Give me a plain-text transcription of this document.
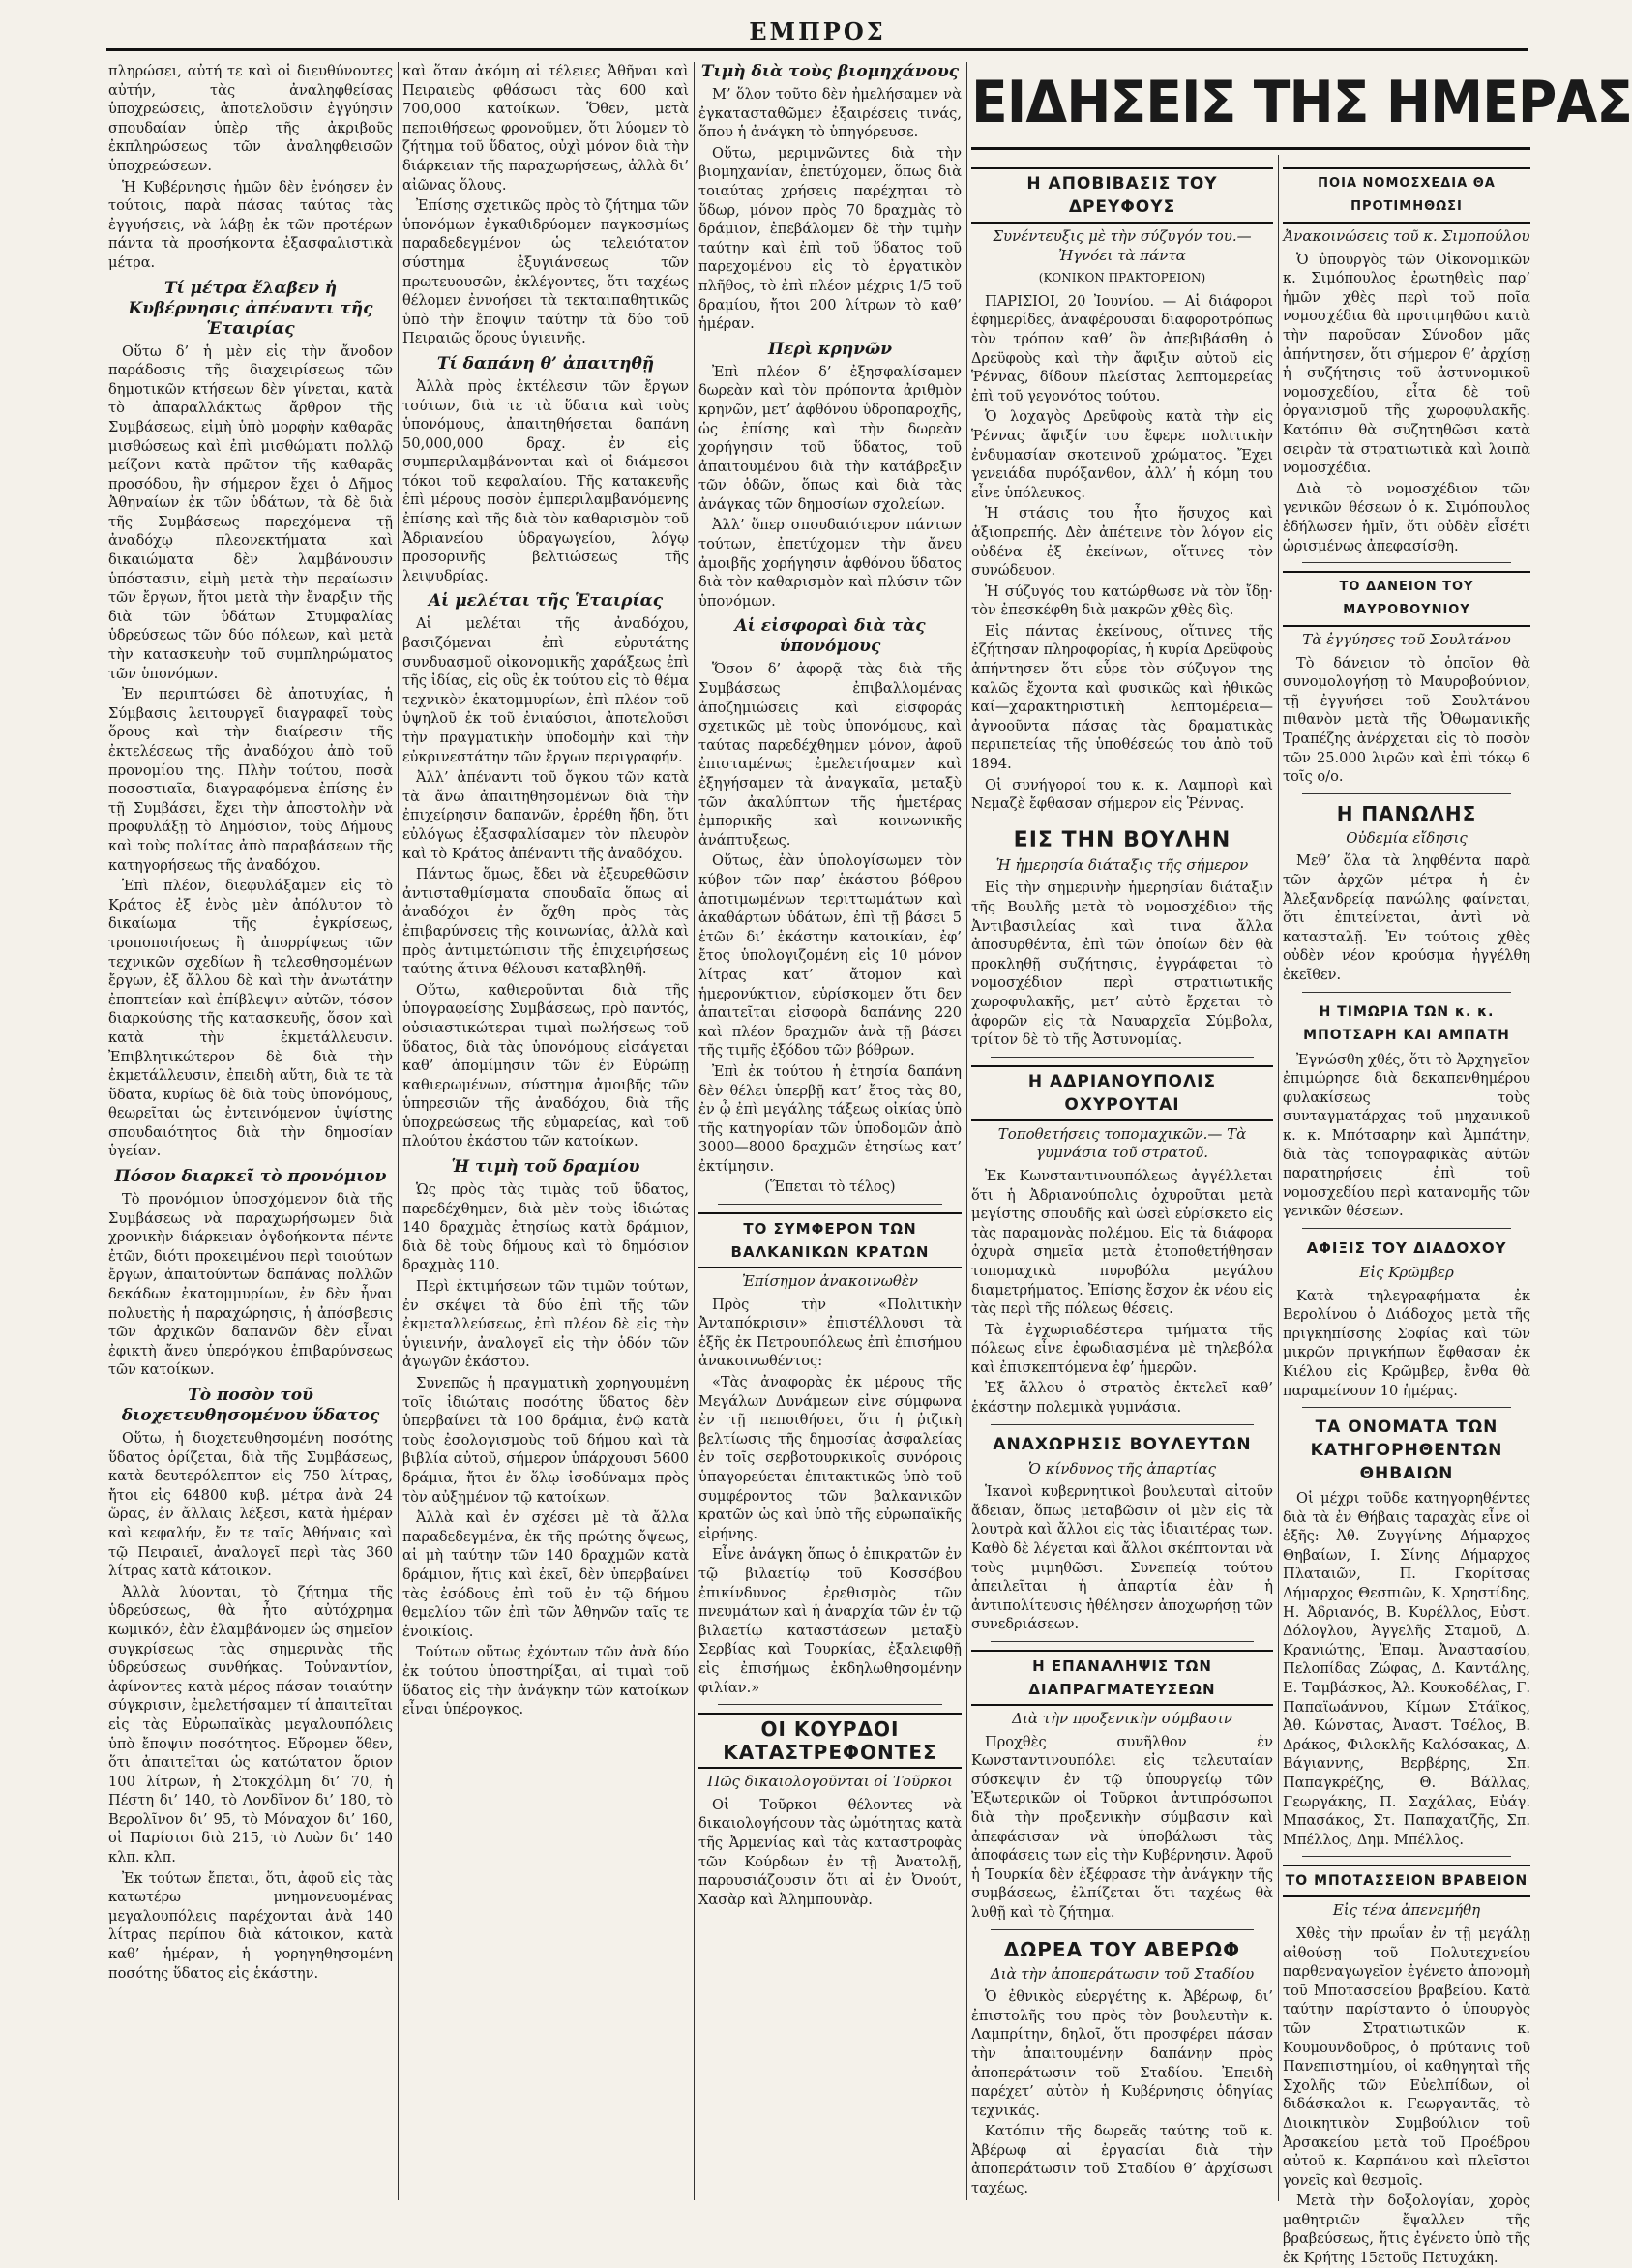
ΕΜΠΡΟΣ

πληρώσει, αὐτή τε καὶ οἱ διευθύνοντες αὐτήν, τὰς ἀναληφθείσας ὑποχρεώσεις, ἀποτελοῦσιν ἐγγύησιν σπουδαίαν ὑπὲρ τῆς ἀκριβοῦς ἐκπληρώσεως τῶν ἀναληφθεισῶν ὑποχρεώσεων.

Ἡ Κυβέρνησις ἡμῶν δὲν ἐνόησεν ἐν τούτοις, παρὰ πάσας ταύτας τὰς ἐγγυήσεις, νὰ λάβῃ ἐκ τῶν προτέρων πάντα τὰ προσήκοντα ἐξασφαλιστικὰ μέτρα.

Τί μέτρα ἔλαβεν ἡ Κυβέρνησις ἀπέναντι τῆς Ἑταιρίας

Οὕτω δ’ ἡ μὲν εἰς τὴν ἄνοδον παράδοσις τῆς διαχειρίσεως τῶν δημοτικῶν κτήσεων δὲν γίνεται, κατὰ τὸ ἀπαραλλάκτως ἄρθρον τῆς Συμβάσεως, εἰμὴ ὑπὸ μορφὴν καθαρᾶς μισθώσεως καὶ ἐπὶ μισθώματι πολλῷ μείζονι κατὰ πρῶτον τῆς καθαρᾶς προσόδου, ἣν σήμερον ἔχει ὁ Δῆμος Ἀθηναίων ἐκ τῶν ὑδάτων, τὰ δὲ διὰ τῆς Συμβάσεως παρεχόμενα τῇ ἀναδόχῳ πλεονεκτήματα καὶ δικαιώματα δὲν λαμβάνουσιν ὑπόστασιν, εἰμὴ μετὰ τὴν περαίωσιν τῶν ἔργων, ἥτοι μετὰ τὴν ἔναρξιν τῆς διὰ τῶν ὑδάτων Στυμφαλίας ὑδρεύσεως τῶν δύο πόλεων, καὶ μετὰ τὴν κατασκευὴν τοῦ συμπληρώματος τῶν ὑπονόμων.

Ἐν περιπτώσει δὲ ἀποτυχίας, ἡ Σύμβασις λειτουργεῖ διαγραφεῖ τοὺς ὅρους καὶ τὴν διαίρεσιν τῆς ἐκτελέσεως τῆς ἀναδόχου ἀπὸ τοῦ προνομίου της. Πλὴν τούτου, ποσὰ ποσοστιαῖα, διαγραφόμενα ἐπίσης ἐν τῇ Συμβάσει, ἔχει τὴν ἀποστολὴν νὰ προφυλάξῃ τὸ Δημόσιον, τοὺς Δήμους καὶ τοὺς πολίτας ἀπὸ παραβάσεων τῆς κατηγορήσεως τῆς ἀναδόχου.

Ἐπὶ πλέον, διεφυλάξαμεν εἰς τὸ Κράτος ἐξ ἑνὸς μὲν ἀπόλυτον τὸ δικαίωμα τῆς ἐγκρίσεως, τροποποιήσεως ἢ ἀπορρίψεως τῶν τεχνικῶν σχεδίων ἢ τελεσθησομένων ἔργων, ἐξ ἄλλου δὲ καὶ τὴν ἀνωτάτην ἐποπτείαν καὶ ἐπίβλεψιν αὐτῶν, τόσον διαρκούσης τῆς κατασκευῆς, ὅσον καὶ κατὰ τὴν ἐκμετάλλευσιν. Ἐπιβλητικώτερον δὲ διὰ τὴν ἐκμετάλλευσιν, ἐπειδὴ αὕτη, διὰ τε τὰ ὕδατα, κυρίως δὲ διὰ τοὺς ὑπονόμους, θεωρεῖται ὡς ἐντεινόμενον ὑψίστης σπουδαιότητος διὰ τὴν δημοσίαν ὑγείαν.

Πόσον διαρκεῖ τὸ προνόμιον

Τὸ προνόμιον ὑποσχόμενον διὰ τῆς Συμβάσεως νὰ παραχωρήσωμεν διὰ χρονικὴν διάρκειαν ὀγδοήκοντα πέντε ἐτῶν, διότι προκειμένου περὶ τοιούτων ἔργων, ἀπαιτούντων δαπάνας πολλῶν δεκάδων ἐκατομμυρίων, ἐν δὲν ἦναι πολυετὴς ἡ παραχώρησις, ἡ ἀπόσβεσις τῶν ἀρχικῶν δαπανῶν δὲν εἶναι ἐφικτὴ ἄνευ ὑπερόγκου ἐπιβαρύνσεως τῶν κατοίκων.

Τὸ ποσὸν τοῦ διοχετευθησομένου ὕδατος

Οὕτω, ἡ διοχετευθησομένη ποσότης ὕδατος ὁρίζεται, διὰ τῆς Συμβάσεως, κατὰ δευτερόλεπτον εἰς 750 λίτρας, ἤτοι εἰς 64800 κυβ. μέτρα ἀνὰ 24 ὥρας, ἐν ἄλλαις λέξεσι, κατὰ ἡμέραν καὶ κεφαλήν, ἔν τε ταῖς Ἀθήναις καὶ τῷ Πειραιεῖ, ἀναλογεῖ περὶ τὰς 360 λίτρας κατὰ κάτοικον.

Ἀλλὰ λύονται, τὸ ζήτημα τῆς ὑδρεύσεως, θὰ ἦτο αὐτόχρημα κωμικόν, ἐὰν ἐλαμβάνομεν ὡς σημεῖον συγκρίσεως τὰς σημερινὰς τῆς ὑδρεύσεως συνθήκας. Τοὐναντίον, ἀφίνοντες κατὰ μέρος πάσαν τοιαύτην σύγκρισιν, ἐμελετήσαμεν τί ἀπαιτεῖται εἰς τὰς Εὐρωπαϊκὰς μεγαλουπόλεις ὑπὸ ἔποψιν ποσότητος. Εὕρομεν ὅθεν, ὅτι ἀπαιτεῖται ὡς κατώτατον ὅριον 100 λίτρων, ἡ Στοκχόλμη δι’ 70, ἡ Πέστη δι’ 140, τὸ Λονδῖνον δι’ 180, τὸ Βερολῖνον δι’ 95, τὸ Μόναχον δι’ 160, οἱ Παρίσιοι διὰ 215, τὸ Λυὼν δι’ 140 κλπ. κλπ.

Ἐκ τούτων ἔπεται, ὅτι, ἀφοῦ εἰς τὰς κατωτέρω μνημονευομένας μεγαλουπόλεις παρέχονται ἀνὰ 140 λίτρας περίπου διὰ κάτοικον, κατὰ καθ’ ἡμέραν, ἡ γορηγηθησομένη ποσότης ὕδατος εἰς ἑκάστην.

καὶ ὅταν ἀκόμη αἱ τέλειες Ἀθῆναι καὶ Πειραιεὺς φθάσωσι τὰς 600 καὶ 700,000 κατοίκων. Ὅθεν, μετὰ πεποιθήσεως φρονοῦμεν, ὅτι λύομεν τὸ ζήτημα τοῦ ὕδατος, οὐχὶ μόνον διὰ τὴν διάρκειαν τῆς παραχωρήσεως, ἀλλὰ δι’ αἰῶνας ὅλους.

Ἐπίσης σχετικῶς πρὸς τὸ ζήτημα τῶν ὑπονόμων ἐγκαθιδρύομεν παγκοσμίως παραδεδεγμένον ὡς τελειότατον σύστημα ἐξυγιάνσεως τῶν πρωτευουσῶν, ἐκλέγοντες, ὅτι ταχέως θέλομεν ἐννοήσει τὰ τεκταιπαθητικῶς ὑπὸ τὴν ἔποψιν ταύτην τὰ δύο τοῦ Πειραιῶς ὅρους ὑγιεινῆς.

Τί δαπάνη θ’ ἀπαιτηθῇ

Ἀλλὰ πρὸς ἐκτέλεσιν τῶν ἔργων τούτων, διὰ τε τὰ ὕδατα καὶ τοὺς ὑπονόμους, ἀπαιτηθήσεται δαπάνη 50,000,000 δραχ. ἐν εἰς συμπεριλαμβάνονται καὶ οἱ διάμεσοι τόκοι τοῦ κεφαλαίου. Τῆς κατακευῆς ἐπὶ μέρους ποσὸν ἐμπεριλαμβανόμενης ἐπίσης καὶ τῆς διὰ τὸν καθαρισμὸν τοῦ Ἀδριανείου ὑδραγωγείου, λόγῳ προσορινῆς βελτιώσεως τῆς λειψυδρίας.

Αἱ μελέται τῆς Ἑταιρίας

Αἱ μελέται τῆς ἀναδόχου, βασιζόμεναι ἐπὶ εὐρυτάτης συνδυασμοῦ οἰκονομικῆς χαράξεως ἐπὶ τῆς ἰδίας, εἰς οὓς ἐκ τούτου εἰς τὸ θέμα τεχνικὸν ἑκατομμυρίων, ἐπὶ πλέον τοῦ ὑψηλοῦ ἐκ τοῦ ἐνιαύσιοι, ἀποτελοῦσι τὴν πραγματικὴν ὑποδομὴν καὶ τὴν εὐκρινεστάτην τῶν ἔργων περιγραφήν.

Ἀλλ’ ἀπέναντι τοῦ ὄγκου τῶν κατὰ τὰ ἄνω ἀπαιτηθησομένων διὰ τὴν ἐπιχείρησιν δαπανῶν, ἐρρέθη ἤδη, ὅτι εὐλόγως ἐξασφαλίσαμεν τὸν πλευρὸν καὶ τὸ Κράτος ἀπέναντι τῆς ἀναδόχου.

Πάντως ὅμως, ἔδει νὰ ἐξευρεθῶσιν ἀντισταθμίσματα σπουδαῖα ὅπως αἱ ἀναδόχοι ἐν ὄχθη πρὸς τὰς ἐπιβαρύνσεις τῆς κοινωνίας, ἀλλὰ καὶ πρὸς ἀντιμετώπισιν τῆς ἐπιχειρήσεως ταύτης ἅτινα θέλουσι καταβληθῆ.

Οὕτω, καθιεροῦνται διὰ τῆς ὑπογραφείσης Συμβάσεως, πρὸ παντός, οὐσιαστικώτεραι τιμαὶ πωλήσεως τοῦ ὕδατος, διὰ τὰς ὑπονόμους εἰσάγεται καθ’ ἀπομίμησιν τῶν ἐν Εὐρώπῃ καθιερωμένων, σύστημα ἀμοιβῆς τῶν ὑπηρεσιῶν τῆς ἀναδόχου, διὰ τῆς ὑποχρεώσεως τῆς εὐμαρείας, καὶ τοῦ πλούτου ἐκάστου τῶν κατοίκων.

Ἡ τιμὴ τοῦ δραμίου

Ὡς πρὸς τὰς τιμὰς τοῦ ὕδατος, παρεδέχθημεν, διὰ μὲν τοὺς ἰδιώτας 140 δραχμὰς ἐτησίως κατὰ δράμιον, διὰ δὲ τοὺς δήμους καὶ τὸ δημόσιον δραχμὰς 110.

Περὶ ἐκτιμήσεων τῶν τιμῶν τούτων, ἐν σκέψει τὰ δύο ἐπὶ τῆς τῶν ἐκμεταλλεύσεως, ἐπὶ πλέον δὲ εἰς τὴν ὑγιεινήν, ἀναλογεῖ εἰς τὴν ὁδόν τῶν ἀγωγῶν ἐκάστου.

Συνεπῶς ἡ πραγματικὴ χορηγουμένη τοῖς ἰδιώταις ποσότης ὕδατος δὲν ὑπερβαίνει τὰ 100 δράμια, ἐνῷ κατὰ τοὺς ἐσολογισμοὺς τοῦ δήμου καὶ τὰ βιβλία αὐτοῦ, σήμερον ὑπάρχουσι 5600 δράμια, ἤτοι ἐν ὅλῳ ἰσοδύναμα πρὸς τὸν αὐξημένον τῷ κατοίκων.

Ἀλλὰ καὶ ἐν σχέσει μὲ τὰ ἄλλα παραδεδεγμένα, ἐκ τῆς πρώτης ὄψεως, αἱ μὴ ταύτην τῶν 140 δραχμῶν κατὰ δράμιον, ἥτις καὶ ἐκεῖ, δὲν ὑπερβαίνει τὰς ἐσόδους ἐπὶ τοῦ ἐν τῷ δήμου θεμελίου τῶν ἐπὶ τῶν Ἀθηνῶν ταῖς τε ἐνοικίοις.

Τούτων οὕτως ἐχόντων τῶν ἀνὰ δύο ἐκ τούτου ὑποστηρίξαι, αἱ τιμαὶ τοῦ ὕδατος εἰς τὴν ἀνάγκην τῶν κατοίκων εἶναι ὑπέρογκος.

Τιμὴ διὰ τοὺς βιομηχάνους

Μ’ ὅλον τοῦτο δὲν ἠμελήσαμεν νὰ ἐγκατασταθῶμεν ἐξαιρέσεις τινάς, ὅπου ἡ ἀνάγκη τὸ ὑπηγόρευσε.

Οὕτω, μεριμνῶντες διὰ τὴν βιομηχανίαν, ἐπετύχομεν, ὅπως διὰ τοιαύτας χρήσεις παρέχηται τὸ ὕδωρ, μόνον πρὸς 70 δραχμὰς τὸ δράμιον, ἐπεβάλομεν δὲ τὴν τιμὴν ταύτην καὶ ἐπὶ τοῦ ὕδατος τοῦ παρεχομένου εἰς τὸ ἐργατικὸν πλῆθος, τὸ ἐπὶ πλέον μέχρις 1/5 τοῦ δραμίου, ἤτοι 200 λίτρων τὸ καθ’ ἡμέραν.

Περὶ κρηνῶν

Ἐπὶ πλέον δ’ ἐξησφαλίσαμεν δωρεὰν καὶ τὸν πρόποντα ἀριθμὸν κρηνῶν, μετ’ ἀφθόνου ὑδροπαροχῆς, ὡς ἐπίσης καὶ τὴν δωρεὰν χορήγησιν τοῦ ὕδατος, τοῦ ἀπαιτουμένου διὰ τὴν κατάβρεξιν τῶν ὁδῶν, ὅπως καὶ διὰ τὰς ἀνάγκας τῶν δημοσίων σχολείων.

Ἀλλ’ ὅπερ σπουδαιότερον πάντων τούτων, ἐπετύχομεν τὴν ἄνευ ἀμοιβῆς χορήγησιν ἀφθόνου ὕδατος διὰ τὸν καθαρισμὸν καὶ πλύσιν τῶν ὑπονόμων.

Αἱ εἰσφοραὶ διὰ τὰς ὑπονόμους

Ὅσον δ’ ἀφορᾷ τὰς διὰ τῆς Συμβάσεως ἐπιβαλλομένας ἀποζημιώσεις καὶ εἰσφοράς σχετικῶς μὲ τοὺς ὑπονόμους, καὶ ταύτας παρεδέχθημεν μόνον, ἀφοῦ ἐπισταμένως ἐμελετήσαμεν καὶ ἐξηγήσαμεν τὰ ἀναγκαῖα, μεταξὺ τῶν ἀκαλύπτων τῆς ἡμετέρας ἐμπορικῆς καὶ κοινωνικῆς ἀνάπτυξεως.

Οὕτως, ἐὰν ὑπολογίσωμεν τὸν κύβον τῶν παρ’ ἑκάστου βόθρου ἀποτιμωμένων τεριττωμάτων καὶ ἀκαθάρτων ὑδάτων, ἐπὶ τῇ βάσει 5 ἑτῶν δι’ ἑκάστην κατοικίαν, ἐφ’ ἔτος ὑπολογιζομένη εἰς 10 μόνον λίτρας κατ’ ἄτομον καὶ ἡμερονύκτιον, εὑρίσκομεν ὅτι δεν ἀπαιτεῖται εἰσφορὰ δαπάνης 220 καὶ πλέον δραχμῶν ἀνὰ τῇ βάσει τῆς τιμῆς ἐξόδου τῶν βόθρων.

Ἐπὶ ἐκ τούτου ἡ ἐτησία δαπάνη δὲν θέλει ὑπερβῇ κατ’ ἔτος τὰς 80, ἐν ᾧ ἐπὶ μεγάλης τάξεως οἰκίας ὑπὸ τῆς κατηγορίαν τῶν ὑποδομῶν ἀπὸ 3000—8000 δραχμῶν ἐτησίως κατ’ ἐκτίμησιν.

(Ἕπεται τὸ τέλος)

ΤΟ ΣΥΜΦΕΡΟΝ ΤΩΝ ΒΑΛΚΑΝΙΚΩΝ ΚΡΑΤΩΝ
Ἐπίσημον ἀνακοινωθὲν

Πρὸς τὴν «Πολιτικὴν Ἀνταπόκρισιν» ἐπιστέλλουσι τὰ ἑξῆς ἐκ Πετρουπόλεως ἐπὶ ἐπισήμου ἀνακοινωθέντος:

«Τὰς ἀναφορὰς ἐκ μέρους τῆς Μεγάλων Δυνάμεων εἰνε σύμφωνα ἐν τῇ πεποιθήσει, ὅτι ἡ ῥιζικὴ βελτίωσις τῆς δημοσίας ἀσφαλείας ἐν τοῖς σερβοτουρκικοῖς συνόροις ὑπαγορεύεται ἐπιτακτικῶς ὑπὸ τοῦ συμφέροντος τῶν βαλκανικῶν κρατῶν ὡς καὶ ὑπὸ τῆς εὐρωπαϊκῆς εἰρήνης.

Εἶνε ἀνάγκη ὅπως ὁ ἐπικρατῶν ἐν τῷ βιλαετίῳ τοῦ Κοσσόβου ἐπικίνδυνος ἐρεθισμὸς τῶν πνευμάτων καὶ ἡ ἀναρχία τῶν ἐν τῷ βιλαετίῳ καταστάσεων μεταξὺ Σερβίας καὶ Τουρκίας, ἐξαλειφθῇ εἰς ἐπισήμως ἐκδηλωθησομένην φιλίαν.»

ΟΙ ΚΟΥΡΔΟΙ ΚΑΤΑΣΤΡΕΦΟΝΤΕΣ
Πῶς δικαιολογοῦνται οἱ Τοῦρκοι

Οἱ Τοῦρκοι θέλοντες νὰ δικαιολογήσουν τὰς ὠμότητας κατὰ τῆς Ἀρμενίας καὶ τὰς καταστροφὰς τῶν Κούρδων ἐν τῇ Ἀνατολῇ, παρουσιάζουσιν ὅτι αἱ ἐν Ὀνούτ, Χασὰρ καὶ Ἀλημπουνὰρ.

ΕΙΔΗΣΕΙΣ ΤΗΣ ΗΜΕΡΑΣ
Η ΑΠΟΒΙΒΑΣΙΣ ΤΟΥ ΔΡΕΥΦΟΥΣ
Συνέντευξις μὲ τὴν σύζυγόν του.— Ἠγνόει τὰ πάντα
(ΚΟΝΙΚΟΝ ΠΡΑΚΤΟΡΕΙΟΝ)

ΠΑΡΙΣΙΟΙ, 20 Ἰουνίου. — Αἱ διάφοροι ἐφημερίδες, ἀναφέρουσαι διαφοροτρόπως τὸν τρόπον καθ’ ὃν ἀπεβιβάσθη ὁ Δρεϋφοὺς καὶ τὴν ἄφιξιν αὐτοῦ εἰς Ῥέννας, δίδουν πλείστας λεπτομερείας ἐπὶ τοῦ γεγονότος τούτου.

Ὁ λοχαγὸς Δρεϋφοὺς κατὰ τὴν εἰς Ῥέννας ἄφιξίν του ἔφερε πολιτικὴν ἐνδυμασίαν σκοτεινοῦ χρώματος. Ἔχει γενειάδα πυρόξανθον, ἀλλ’ ἡ κόμη του εἶνε ὑπόλευκος.

Ἡ στάσις του ἦτο ἥσυχος καὶ ἀξιοπρεπής. Δὲν ἀπέτεινε τὸν λόγον εἰς οὐδένα ἐξ ἐκείνων, οἵτινες τὸν συνώδευον.

Ἡ σύζυγός του κατώρθωσε νὰ τὸν ἴδῃ· τὸν ἐπεσκέφθη διὰ μακρῶν χθὲς δὶς.

Εἰς πάντας ἐκείνους, οἵτινες τῆς ἐζήτησαν πληροφορίας, ἡ κυρία Δρεϋφοὺς ἀπήντησεν ὅτι εὗρε τὸν σύζυγον της καλῶς ἔχοντα καὶ φυσικῶς καὶ ἠθικῶς καί—χαρακτηριστικὴ λεπτομέρεια—ἀγνοοῦντα πάσας τὰς δραματικὰς περιπετείας τῆς ὑποθέσεώς του ἀπὸ τοῦ 1894.

Οἱ συνήγοροί του κ. κ. Λαμπορὶ καὶ Νεμαζὲ ἔφθασαν σήμερον εἰς Ῥέννας.

ΕΙΣ ΤΗΝ ΒΟΥΛΗΝ
Ἡ ἡμερησία διάταξις τῆς σήμερον

Εἰς τὴν σημερινὴν ἡμερησίαν διάταξιν τῆς Βουλῆς μετὰ τὸ νομοσχέδιον τῆς Ἀντιβασιλείας καὶ τινα ἄλλα ἀποσυρθέντα, ἐπὶ τῶν ὁποίων δὲν θὰ προκληθῇ συζήτησις, ἐγγράφεται τὸ νομοσχέδιον περὶ στρατιωτικῆς χωροφυλακῆς, μετ’ αὐτὸ ἔρχεται τὸ ἀφορῶν εἰς τὰ Ναυαρχεῖα Σύμβολα, τρίτον δὲ τὸ τῆς Ἀστυνομίας.

Η ΑΔΡΙΑΝΟΥΠΟΛΙΣ ΟΧΥΡΟΥΤΑΙ
Τοποθετήσεις τοπομαχικῶν.— Τὰ γυμνάσια τοῦ στρατοῦ.

Ἐκ Κωνσταντινουπόλεως ἀγγέλλεται ὅτι ἡ Ἀδριανούπολις ὀχυροῦται μετὰ μεγίστης σπουδῆς καὶ ὡσεὶ εὑρίσκετο εἰς τὰς παραμονὰς πολέμου. Εἰς τὰ διάφορα ὀχυρὰ σημεῖα μετὰ ἐτοποθετήθησαν τοπομαχικὰ πυροβόλα μεγάλου διαμετρήματος. Ἐπίσης ἔσχον ἐκ νέου εἰς τὰς περὶ τῆς πόλεως θέσεις.

Τὰ ἐγχωριαδέστερα τμήματα τῆς πόλεως εἶνε ἐφωδιασμένα μὲ τηλεβόλα καὶ ἐπισκεπτόμενα ἐφ’ ἡμερῶν.

Ἐξ ἄλλου ὁ στρατὸς ἐκτελεῖ καθ’ ἑκάστην πολεμικὰ γυμνάσια.

ΑΝΑΧΩΡΗΣΙΣ ΒΟΥΛΕΥΤΩΝ
Ὁ κίνδυνος τῆς ἀπαρτίας

Ἱκανοὶ κυβερνητικοὶ βουλευταὶ αἰτοῦν ἄδειαν, ὅπως μεταβῶσιν οἱ μὲν εἰς τὰ λουτρὰ καὶ ἄλλοι εἰς τὰς ἰδιαιτέρας των. Καθὸ δὲ λέγεται καὶ ἄλλοι σκέπτονται νὰ τοὺς μιμηθῶσι. Συνεπείᾳ τούτου ἀπειλεῖται ἡ ἀπαρτία ἐὰν ἡ ἀντιπολίτευσις ἠθέλησεν ἀποχωρήσῃ τῶν συνεδριάσεων.

Η ΕΠΑΝΑΛΗΨΙΣ ΤΩΝ ΔΙΑΠΡΑΓΜΑΤΕΥΣΕΩΝ
Διὰ τὴν προξενικὴν σύμβασιν

Προχθὲς συνῆλθον ἐν Κωνσταντινουπόλει εἰς τελευταίαν σύσκεψιν ἐν τῷ ὑπουργείῳ τῶν Ἐξωτερικῶν οἱ Τοῦρκοι ἀντιπρόσωποι διὰ τὴν προξενικὴν σύμβασιν καὶ ἀπεφάσισαν νὰ ὑποβάλωσι τὰς ἀποφάσεις των εἰς τὴν Κυβέρνησιν. Ἀφοῦ ἡ Τουρκία δὲν ἐξέφρασε τὴν ἀνάγκην τῆς συμβάσεως, ἐλπίζεται ὅτι ταχέως θὰ λυθῇ καὶ τὸ ζήτημα.

ΔΩΡΕΑ ΤΟΥ ΑΒΕΡΩΦ
Διὰ τὴν ἀποπεράτωσιν τοῦ Σταδίου

Ὁ ἐθνικὸς εὐεργέτης κ. Ἀβέρωφ, δι’ ἐπιστολῆς του πρὸς τὸν βουλευτὴν κ. Λαμπρίτην, δηλοῖ, ὅτι προσφέρει πάσαν τὴν ἀπαιτουμένην δαπάνην πρὸς ἀποπεράτωσιν τοῦ Σταδίου. Ἐπειδὴ παρέχετ’ αὐτὸν ἡ Κυβέρνησις ὁδηγίας τεχνικάς.

Κατόπιν τῆς δωρεᾶς ταύτης τοῦ κ. Ἀβέρωφ αἱ ἐργασίαι διὰ τὴν ἀποπεράτωσιν τοῦ Σταδίου θ’ ἀρχίσωσι ταχέως.

ΠΟΙΑ ΝΟΜΟΣΧΕΔΙΑ ΘΑ ΠΡΟΤΙΜΗΘΩΣΙ
Ἀνακοινώσεις τοῦ κ. Σιμοπούλου

Ὁ ὑπουργὸς τῶν Οἰκονομικῶν κ. Σιμόπουλος ἐρωτηθεὶς παρ’ ἡμῶν χθὲς περὶ τοῦ ποῖα νομοσχέδια θὰ προτιμηθῶσι κατὰ τὴν παροῦσαν Σύνοδον μᾶς ἀπήντησεν, ὅτι σήμερον θ’ ἀρχίσῃ ἡ συζήτησις τοῦ ἀστυνομικοῦ νομοσχεδίου, εἶτα δὲ τοῦ ὀργανισμοῦ τῆς χωροφυλακῆς. Κατόπιν θὰ συζητηθῶσι κατὰ σειρὰν τὰ στρατιωτικὰ καὶ λοιπὰ νομοσχέδια.

Διὰ τὸ νομοσχέδιον τῶν γενικῶν θέσεων ὁ κ. Σιμόπουλος ἐδήλωσεν ἡμῖν, ὅτι οὐδὲν εἶσέτι ὡρισμένως ἀπεφασίσθη.

ΤΟ ΔΑΝΕΙΟΝ ΤΟΥ ΜΑΥΡΟΒΟΥΝΙΟΥ
Τὰ ἐγγύησες τοῦ Σουλτάνου

Τὸ δάνειον τὸ ὁποῖον θὰ συνομολογήσῃ τὸ Μαυροβούνιον, τῇ ἐγγυήσει τοῦ Σουλτάνου πιθανὸν μετὰ τῆς Ὀθωμανικῆς Τραπέζης ἀνέρχεται εἰς τὸ ποσὸν τῶν 25.000 λιρῶν καὶ ἐπὶ τόκῳ 6 τοῖς ο/ο.

Η ΠΑΝΩΛΗΣ
Οὐδεμία εἴδησις

Μεθ’ ὅλα τὰ ληφθέντα παρὰ τῶν ἀρχῶν μέτρα ἡ ἐν Ἀλεξανδρείᾳ πανώλης φαίνεται, ὅτι ἐπιτείνεται, ἀντὶ νὰ κατασταλῇ. Ἐν τούτοις χθὲς οὐδὲν νέον κρούσμα ἠγγέλθη ἐκεῖθεν.

Η ΤΙΜΩΡΙΑ ΤΩΝ κ. κ. ΜΠΟΤΣΑΡΗ ΚΑΙ ΑΜΠΑΤΗ

Ἐγνώσθη χθές, ὅτι τὸ Ἀρχηγεῖον ἐπιμώρησε διὰ δεκαπενθημέρου φυλακίσεως τοὺς συνταγματάρχας τοῦ μηχανικοῦ κ. κ. Μπότσαρην καὶ Ἀμπάτην, διὰ τὰς τοπογραφικὰς αὐτῶν παρατηρήσεις ἐπὶ τοῦ νομοσχεδίου περὶ κατανομῆς τῶν γενικῶν θέσεων.

ΑΦΙΞΙΣ ΤΟΥ ΔΙΑΔΟΧΟΥ
Εἰς Κρῶμβερ

Κατὰ τηλεγραφήματα ἐκ Βερολίνου ὁ Διάδοχος μετὰ τῆς πριγκηπίσσης Σοφίας καὶ τῶν μικρῶν πριγκήπων ἔφθασαν ἐκ Κιέλου εἰς Κρῶμβερ, ἔνθα θὰ παραμείνουν 10 ἡμέρας.

ΤΑ ΟΝΟΜΑΤΑ ΤΩΝ ΚΑΤΗΓΟΡΗΘΕΝΤΩΝ ΘΗΒΑΙΩΝ

Οἱ μέχρι τοῦδε κατηγορηθέντες διὰ τὰ ἐν Θήβαις ταραχὰς εἶνε οἱ ἑξῆς: Ἀθ. Ζυγγίνης Δήμαρχος Θηβαίων, Ι. Σίνης Δήμαρχος Πλαταιῶν, Π. Γκορίτσας Δήμαρχος Θεσπιῶν, Κ. Χρηστίδης, Η. Ἀδριανός, Β. Κυρέλλος, Εὐστ. Δόλογλου, Ἀγγελῆς Σταμοῦ, Δ. Κρανιώτης, Ἐπαμ. Ἀναστασίου, Πελοπίδας Ζώφας, Δ. Καντάλης, Ε. Ταμβάσκος, Ἀλ. Κουκοδέλας, Γ. Παπαϊωάννου, Κίμων Στάϊκος, Ἀθ. Κώνστας, Ἀναστ. Τσέλος, Β. Δράκος, Φιλοκλῆς Καλόσακας, Δ. Βάγιαννης, Βερβέρης, Σπ. Παπαγκρέζης, Θ. Βάλλας, Γεωργάκης, Π. Σαχάλας, Εὐάγ. Μπασάκος, Στ. Παπαχατζῆς, Σπ. Μπέλλος, Δημ. Μπέλλος.

ΤΟ ΜΠΟΤΑΣΣΕΙΟΝ ΒΡΑΒΕΙΟΝ
Εἰς τένα ἀπενεμήθη

Χθὲς τὴν πρωΐαν ἐν τῇ μεγάλῃ αἰθούσῃ τοῦ Πολυτεχνείου παρθεναγωγεῖον ἐγένετο ἀπονομὴ τοῦ Μποτασσείου βραβείου. Κατὰ ταύτην παρίσταντο ὁ ὑπουργὸς τῶν Στρατιωτικῶν κ. Κουμουνδοῦρος, ὁ πρύτανις τοῦ Πανεπιστημίου, οἱ καθηγηταὶ τῆς Σχολῆς τῶν Εὐελπίδων, οἱ διδάσκαλοι κ. Γεωργαντᾶς, τὸ Διοικητικὸν Συμβούλιον τοῦ Ἀρσακείου μετὰ τοῦ Προέδρου αὐτοῦ κ. Καρπάνου καὶ πλεῖστοι γονεῖς καὶ θεσμοῖς.

Μετὰ τὴν δοξολογίαν, χορὸς μαθητριῶν ἔψαλλεν τῆς βραβεύσεως, ἥτις ἐγένετο ὑπὸ τῆς ἐκ Κρήτης 15ετοῦς Πετυχάκη.
